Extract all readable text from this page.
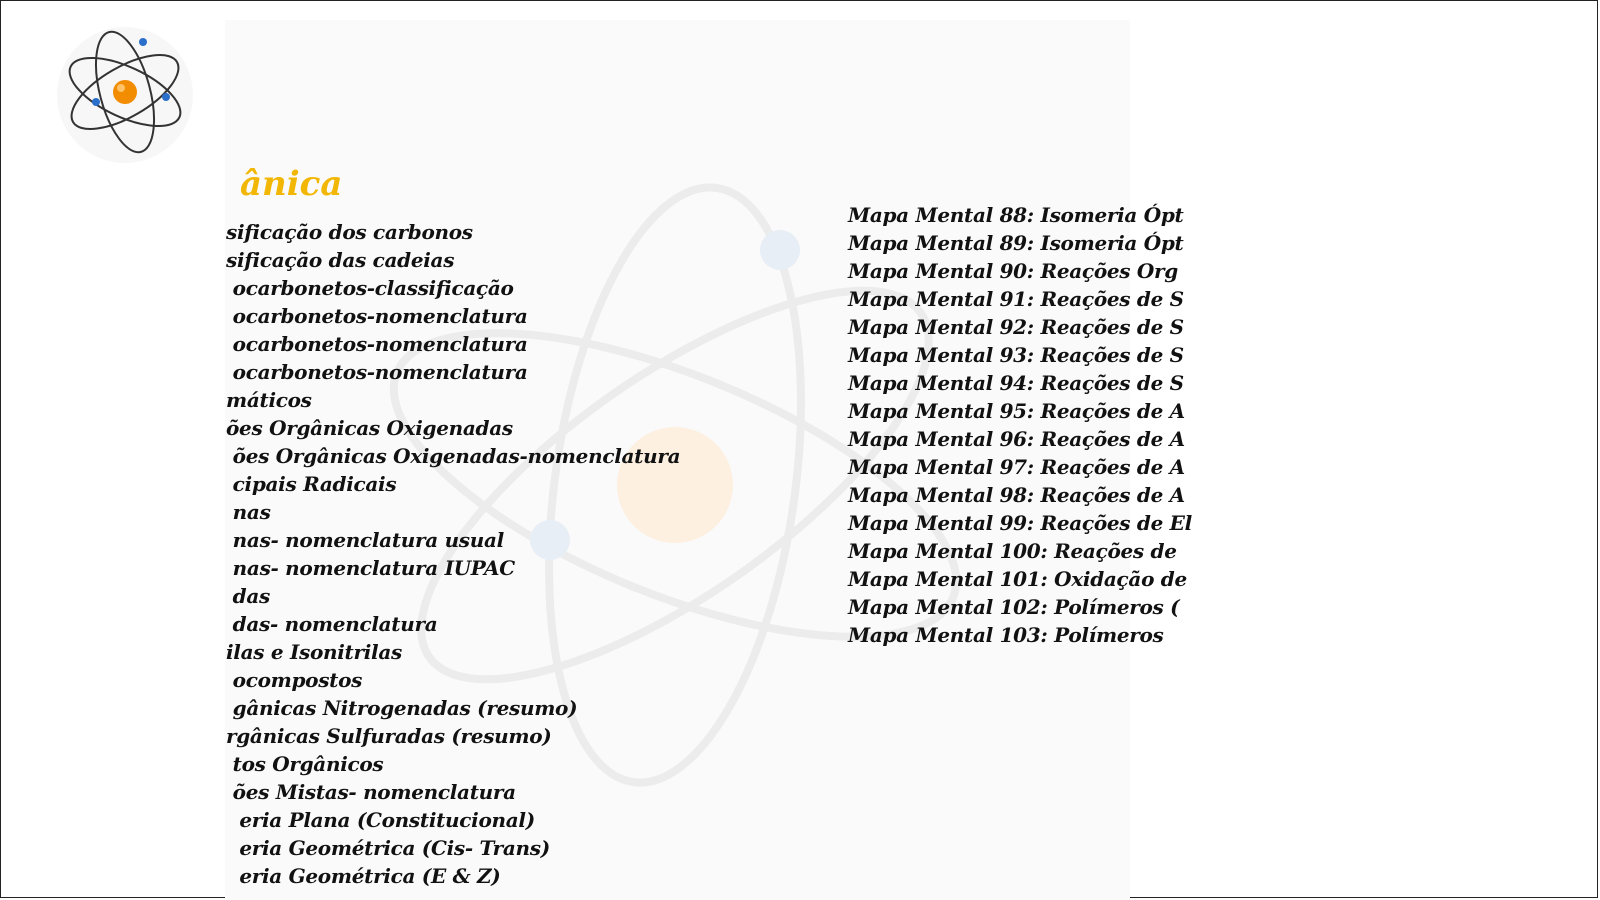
ânica
sificação dos carbonos
sificação das cadeias
ocarbonetos-classificação
ocarbonetos-nomenclatura
ocarbonetos-nomenclatura
ocarbonetos-nomenclatura
máticos
ões Orgânicas Oxigenadas
ões Orgânicas Oxigenadas-nomenclatura
cipais Radicais
nas
nas- nomenclatura usual
nas- nomenclatura IUPAC
das
das- nomenclatura
ilas e Isonitrilas
ocompostos
gânicas Nitrogenadas (resumo)
rgânicas Sulfuradas (resumo)
tos Orgânicos
ões Mistas- nomenclatura
eria Plana (Constitucional)
eria Geométrica (Cis- Trans)
eria Geométrica (E & Z)
Mapa Mental 88: Isomeria Ópt
Mapa Mental 89: Isomeria Ópt
Mapa Mental 90: Reações Org
Mapa Mental 91: Reações de S
Mapa Mental 92: Reações de S
Mapa Mental 93: Reações de S
Mapa Mental 94: Reações de S
Mapa Mental 95: Reações de A
Mapa Mental 96: Reações de A
Mapa Mental 97: Reações de A
Mapa Mental 98: Reações de A
Mapa Mental 99: Reações de El
Mapa Mental 100: Reações de
Mapa Mental 101: Oxidação de
Mapa Mental 102: Polímeros (
Mapa Mental 103: Polímeros
